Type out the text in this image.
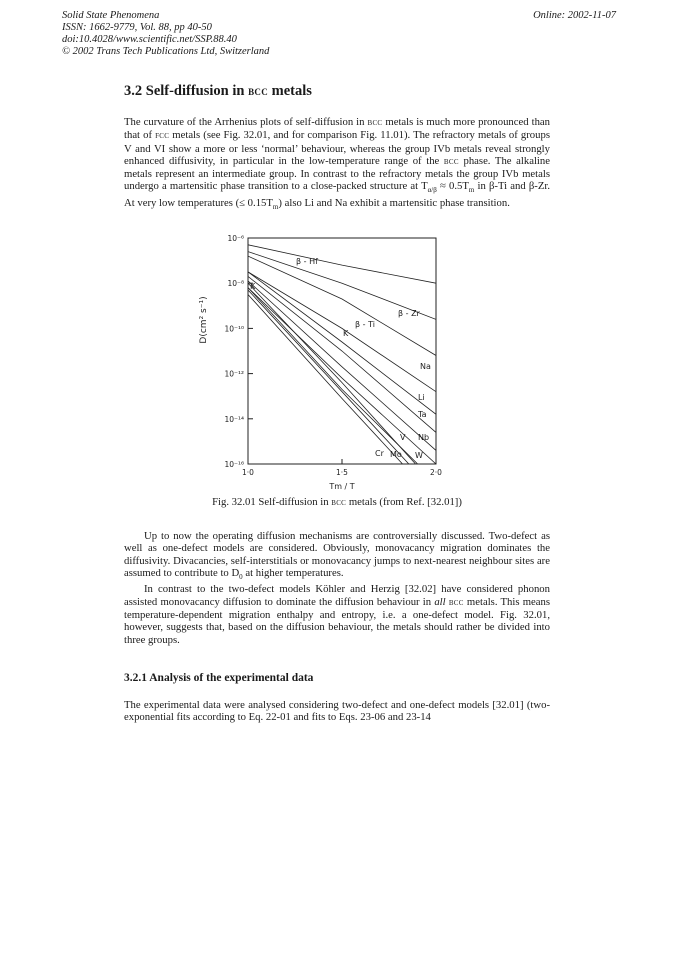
Solid State Phenomena
ISSN: 1662-9779, Vol. 88, pp 40-50
doi:10.4028/www.scientific.net/SSP.88.40
© 2002 Trans Tech Publications Ltd, Switzerland
Online: 2002-11-07
3.2 Self-diffusion in bcc metals

The curvature of the Arrhenius plots of self-diffusion in bcc metals is much more pronounced than that of fcc metals (see Fig. 32.01, and for comparison Fig. 11.01). The refractory metals of groups V and VI show a more or less ‘normal’ behaviour, whereas the group IVb metals reveal strongly enhanced diffusivity, in particular in the low-temperature range of the bcc phase. The alkaline metals represent an intermediate group. In contrast to the refractory metals the group IVb metals undergo a martensitic phase transition to a close-packed structure at $T_{\alpha/\beta} \approx 0.5T_m$ in β-Ti and β-Zr. At very low temperatures (≤ $0.15T_m$) also Li and Na exhibit a martensitic phase transition.

10⁻⁶
10⁻⁸
10⁻¹⁰
10⁻¹²
10⁻¹⁴
10⁻¹⁶
1·0	1·5	2·0
D(cm² s⁻¹)
Tm / T
β - Hf
β - Zr
β - Ti
K
K
Na
Li
Ta
Nb
V
W
Mo
Cr
Fig. 32.01 Self-diffusion in bcc metals (from Ref. [32.01])

Up to now the operating diffusion mechanisms are controversially discussed. Two-defect as well as one-defect models are considered. Obviously, monovacancy migration dominates the diffusivity. Divacancies, self-interstitials or monovacancy jumps to next-nearest neighbour sites are assumed to contribute to $D_0$ at higher temperatures.
In contrast to the two-defect models Köhler and Herzig [32.02] have considered phonon assisted monovacancy diffusion to dominate the diffusion behaviour in all bcc metals. This means temperature-dependent migration enthalpy and entropy, i.e. a one-defect model. Fig. 32.01, however, suggests that, based on the diffusion behaviour, the metals should rather be divided into three groups.

3.2.1 Analysis of the experimental data

The experimental data were analysed considering two-defect and one-defect models [32.01] (two-exponential fits according to Eq. 22-01 and fits to Eqs. 23-06 and 23-14
